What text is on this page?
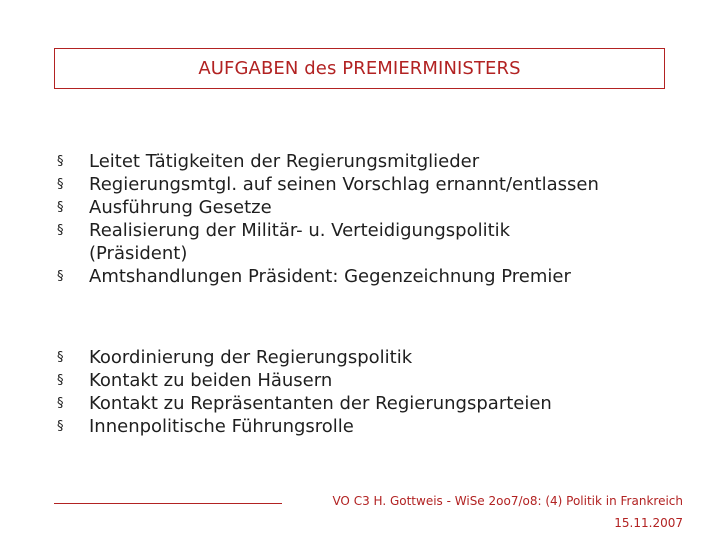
AUFGABEN des PREMIERMINISTERS
§ Leitet Tätigkeiten der Regierungsmitglieder
§ Regierungsmtgl. auf seinen Vorschlag ernannt/entlassen
§ Ausführung Gesetze
§ Realisierung der Militär- u. Verteidigungspolitik (Präsident)
§ Amtshandlungen Präsident: Gegenzeichnung Premier
§ Koordinierung der Regierungspolitik
§ Kontakt zu beiden Häusern
§ Kontakt zu Repräsentanten der Regierungsparteien
§ Innenpolitische Führungsrolle
VO C3 H. Gottweis - WiSe 2oo7/o8: (4) Politik in Frankreich
15.11.2007
